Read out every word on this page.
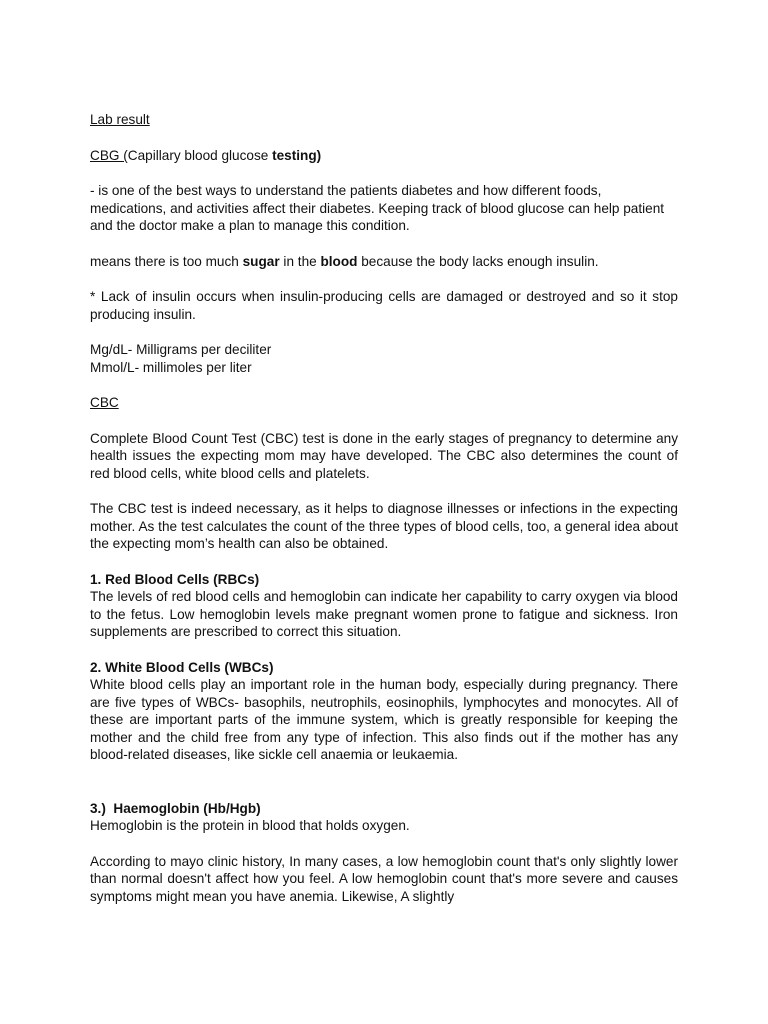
Lab result

CBG (Capillary blood glucose testing)

- is one of the best ways to understand the patients diabetes and how different foods, medications, and activities affect their diabetes. Keeping track of blood glucose can help patient and the doctor make a plan to manage this condition.

means there is too much sugar in the blood because the body lacks enough insulin.

* Lack of insulin occurs when insulin-producing cells are damaged or destroyed and so it stop producing insulin.

Mg/dL- Milligrams per deciliter

Mmol/L- millimoles per liter

CBC

Complete Blood Count Test (CBC) test is done in the early stages of pregnancy to determine any health issues the expecting mom may have developed. The CBC also determines the count of red blood cells, white blood cells and platelets.

The CBC test is indeed necessary, as it helps to diagnose illnesses or infections in the expecting mother. As the test calculates the count of the three types of blood cells, too, a general idea about the expecting mom’s health can also be obtained.

1. Red Blood Cells (RBCs)

The levels of red blood cells and hemoglobin can indicate her capability to carry oxygen via blood to the fetus. Low hemoglobin levels make pregnant women prone to fatigue and sickness. Iron supplements are prescribed to correct this situation.

2. White Blood Cells (WBCs)

White blood cells play an important role in the human body, especially during pregnancy. There are five types of WBCs- basophils, neutrophils, eosinophils, lymphocytes and monocytes. All of these are important parts of the immune system, which is greatly responsible for keeping the mother and the child free from any type of infection. This also finds out if the mother has any blood-related diseases, like sickle cell anaemia or leukaemia.

3.)  Haemoglobin (Hb/Hgb)

Hemoglobin is the protein in blood that holds oxygen.

According to mayo clinic history, In many cases, a low hemoglobin count that's only slightly lower than normal doesn't affect how you feel. A low hemoglobin count that's more severe and causes symptoms might mean you have anemia. Likewise, A slightly
